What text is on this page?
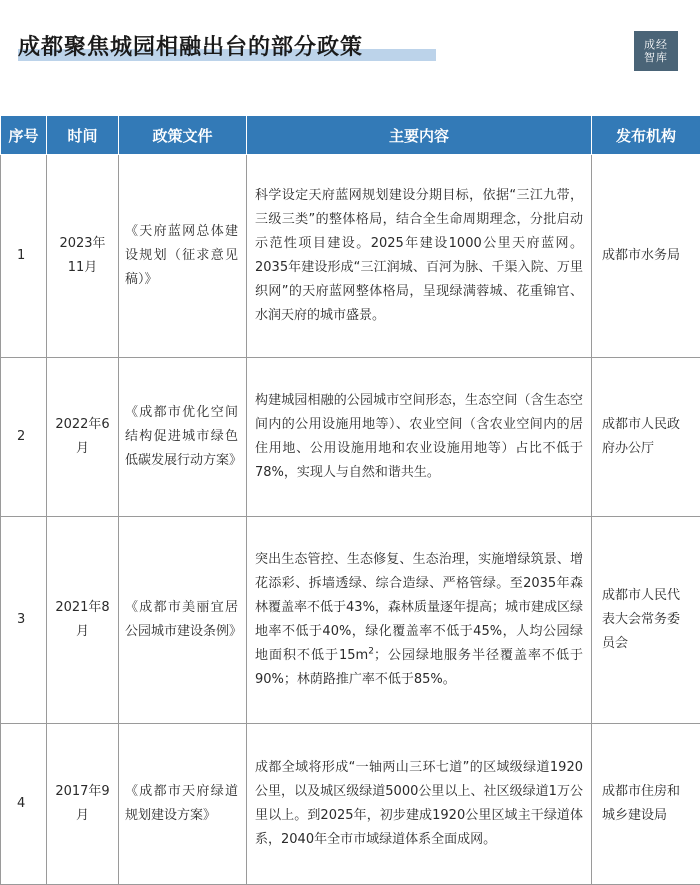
成都聚焦城园相融出台的部分政策	成经智库
序号	时间	政策文件	主要内容	发布机构
1	2023年11月	《天府蓝网总体建设规划（征求意见稿）》	科学设定天府蓝网规划建设分期目标，依据“三江九带，三级三类”的整体格局，结合全生命周期理念，分批启动示范性项目建设。2025年建设1000公里天府蓝网。2035年建设形成“三江润城、百河为脉、千渠入院、万里织网”的天府蓝网整体格局，呈现绿满蓉城、花重锦官、水润天府的城市盛景。	成都市水务局
2	2022年6月	《成都市优化空间结构促进城市绿色低碳发展行动方案》	构建城园相融的公园城市空间形态，生态空间（含生态空间内的公用设施用地等）、农业空间（含农业空间内的居住用地、公用设施用地和农业设施用地等）占比不低于78%，实现人与自然和谐共生。	成都市人民政府办公厅
3	2021年8月	《成都市美丽宜居公园城市建设条例》	突出生态管控、生态修复、生态治理，实施增绿筑景、增花添彩、拆墙透绿、综合造绿、严格管绿。至2035年森林覆盖率不低于43%，森林质量逐年提高；城市建成区绿地率不低于40%，绿化覆盖率不低于45%，人均公园绿地面积不低于$15m^2$；公园绿地服务半径覆盖率不低于90%；林荫路推广率不低于85%。	成都市人民代表大会常务委员会
4	2017年9月	《成都市天府绿道规划建设方案》	成都全域将形成“一轴两山三环七道”的区域级绿道1920公里，以及城区级绿道5000公里以上、社区级绿道1万公里以上。到2025年，初步建成1920公里区域主干绿道体系，2040年全市市域绿道体系全面成网。	成都市住房和城乡建设局
